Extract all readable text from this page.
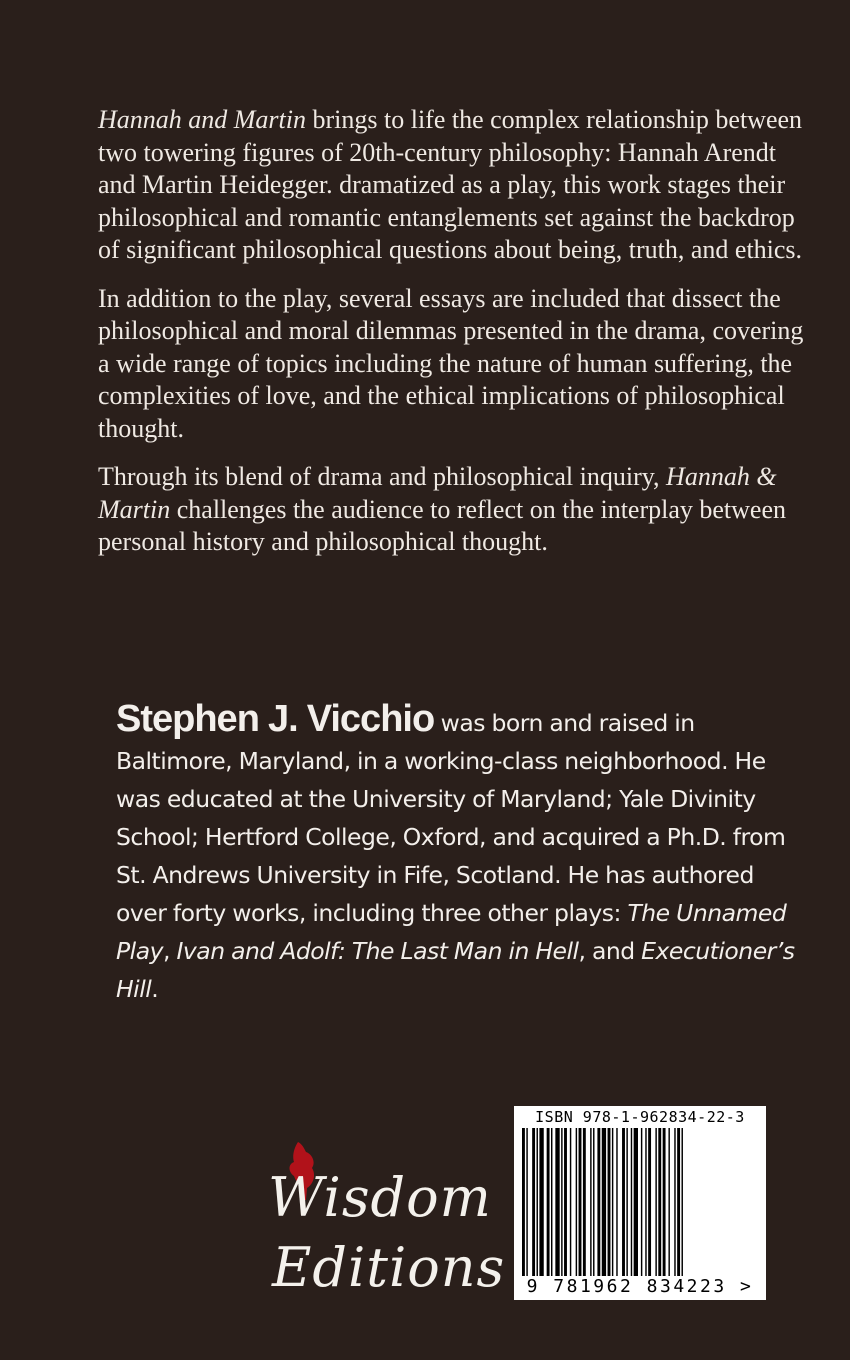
Hannah and Martin brings to life the complex relationship between two towering figures of 20th-century philosophy: Hannah Arendt and Martin Heidegger. dramatized as a play, this work stages their philosophical and romantic entanglements set against the backdrop of significant philosophical questions about being, truth, and ethics.

In addition to the play, several essays are included that dissect the philosophical and moral dilemmas presented in the drama, covering a wide range of topics including the nature of human suffering, the complexities of love, and the ethical implications of philosophical thought.

Through its blend of drama and philosophical inquiry, Hannah & Martin challenges the audience to reflect on the interplay between personal history and philosophical thought.

Stephen J. Vicchio was born and raised in Baltimore, Maryland, in a working-class neighborhood. He was educated at the University of Maryland; Yale Divinity School; Hertford College, Oxford, and acquired a Ph.D. from St. Andrews University in Fife, Scotland. He has authored over forty works, including three other plays: The Unnamed Play, Ivan and Adolf: The Last Man in Hell, and Executioner’s Hill.
Wisdom
Editions
ISBN 978-1-962834-22-3
9 781962 834223 >
